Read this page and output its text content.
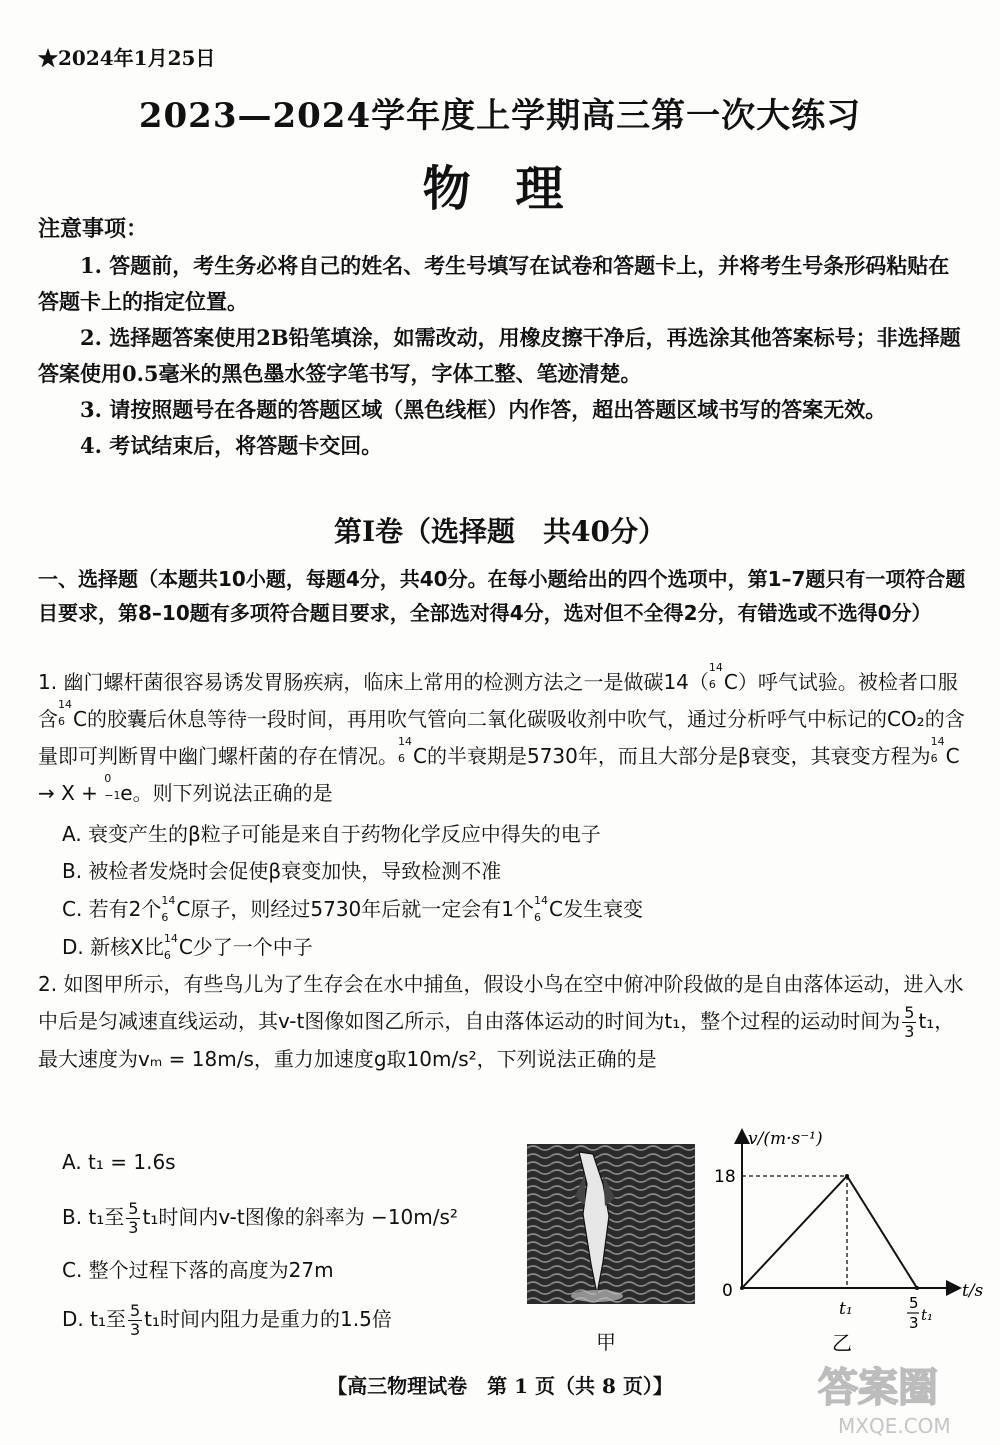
★2024年1月25日
2023—2024学年度上学期高三第一次大练习
物 理
注意事项：

1. 答题前，考生务必将自己的姓名、考生号填写在试卷和答题卡上，并将考生号条形码粘贴在答题卡上的指定位置。

2. 选择题答案使用2B铅笔填涂，如需改动，用橡皮擦干净后，再选涂其他答案标号；非选择题答案使用0.5毫米的黑色墨水签字笔书写，字体工整、笔迹清楚。

3. 请按照题号在各题的答题区域（黑色线框）内作答，超出答题区域书写的答案无效。

4. 考试结束后，将答题卡交回。

第Ⅰ卷（选择题　共40分）
一、选择题（本题共10小题，每题4分，共40分。在每小题给出的四个选项中，第1–7题只有一项符合题目要求，第8–10题有多项符合题目要求，全部选对得4分，选对但不全得2分，有错选或不选得0分）

1. 幽门螺杆菌很容易诱发胃肠疾病，临床上常用的检测方法之一是做碳14（
14
6 C）呼气试验。被检者口服含
14
6 C的胶囊后休息等待一段时间，再用吹气管向二氧化碳吸收剂中吹气，通过分析呼气中标记的CO₂的含量即可判断胃中幽门螺杆菌的存在情况。
14
6 C的半衰期是5730年，而且大部分是β衰变，其衰变方程为
14
6 C → X +
0
−1 e。则下列说法正确的是

A. 衰变产生的β粒子可能是来自于药物化学反应中得失的电子
B. 被检者发烧时会促使β衰变加快，导致检测不准
C. 若有2个 14
6 C原子，则经过5730年后就一定会有1个 14
6 C发生衰变
D. 新核X比 14
6 C少了一个中子

2. 如图甲所示，有些鸟儿为了生存会在水中捕鱼，假设小鸟在空中俯冲阶段做的是自由落体运动，进入水中后是匀减速直线运动，其v-t图像如图乙所示，自由落体运动的时间为t₁，整个过程的运动时间为 $\frac{5}{3} t_1$，最大速度为vₘ = 18m/s，重力加速度g取10m/s²，下列说法正确的是

A. t₁ = 1.6s
B. t₁至 $\frac{5}{3} t_1$时间内v-t图像的斜率为 −10m/s²
C. 整个过程下落的高度为27m
D. t₁至 $\frac{5}{3} t_1$时间内阻力是重力的1.5倍
甲
v/(m·s⁻¹)
t/s
0
18
t₁	5
3 t₁
乙
【高三物理试卷　第 1 页（共 8 页）】	答案圈
MXQE.COM
